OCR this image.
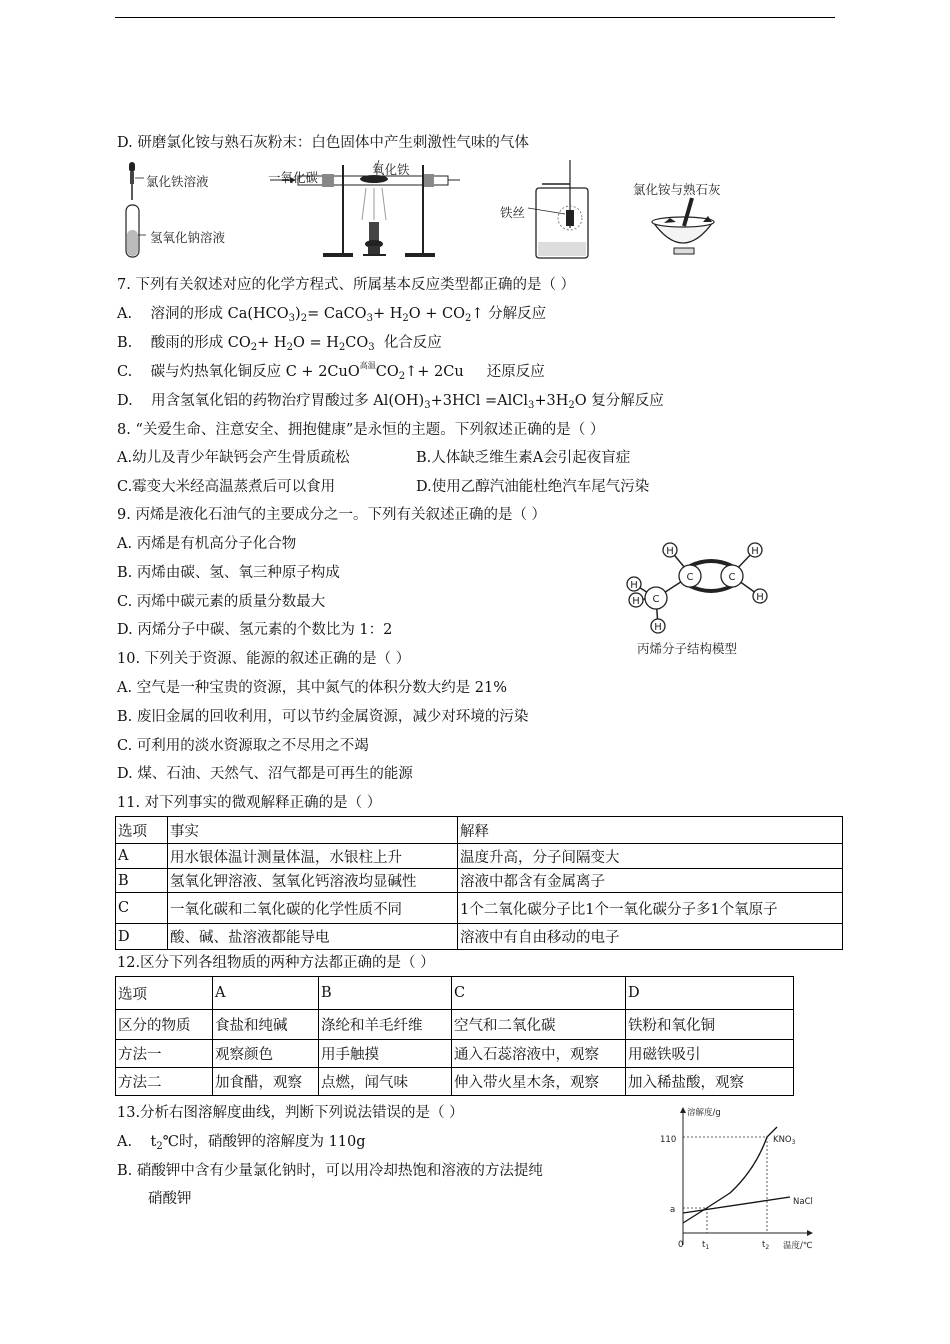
D. 研磨氯化铵与熟石灰粉末：白色固体中产生刺激性气味的气体
氯化铁溶液
氢氧化钠溶液
一氧化碳
氧化铁
铁丝
氯化铵与熟石灰
7. 下列有关叙述对应的化学方程式、所属基本反应类型都正确的是（ ）
A. 溶洞的形成 $Ca(HCO_3)_2=$ CaCO$_3$+ $H_2O$ + $CO_2↑$ 分解反应
B. 酸雨的形成 $CO_2+ H_2O = H_2CO_3$ 化合反应
C. 碳与灼热氧化铜反应 C + 2CuO高温$CO_2↑+ 2Cu$ 还原反应
D. 用含氢氧化铝的药物治疗胃酸过多 $Al(OH)_3+3HCl$ $=AlCl_3+3H_2O$ 复分解反应
8. “关爱生命、注意安全、拥抱健康”是永恒的主题。下列叙述正确的是（ ）
A.幼儿及青少年缺钙会产生骨质疏松	B.人体缺乏维生素A会引起夜盲症
C.霉变大米经高温蒸煮后可以食用	D.使用乙醇汽油能杜绝汽车尾气污染
9. 丙烯是液化石油气的主要成分之一。下列有关叙述正确的是（ ）
A. 丙烯是有机高分子化合物
B. 丙烯由碳、氢、氧三种原子构成
C. 丙烯中碳元素的质量分数最大
D. 丙烯分子中碳、氢元素的个数比为 1：2
H	H
H
H
H
H
C	C
C
丙烯分子结构模型
10. 下列关于资源、能源的叙述正确的是（ ）
A. 空气是一种宝贵的资源，其中氮气的体积分数大约是 21%
B. 废旧金属的回收利用，可以节约金属资源，减少对环境的污染
C. 可利用的淡水资源取之不尽用之不竭
D. 煤、石油、天然气、沼气都是可再生的能源
11. 对下列事实的微观解释正确的是（ ）
选项	事实	解释
A	用水银体温计测量体温，水银柱上升	温度升高，分子间隔变大
B	氢氧化钾溶液、氢氧化钙溶液均显碱性	溶液中都含有金属离子
C	一氧化碳和二氧化碳的化学性质不同	1个二氧化碳分子比1个一氧化碳分子多1个氧原子
D	酸、碱、盐溶液都能导电	溶液中有自由移动的电子
12.区分下列各组物质的两种方法都正确的是（ ）
选项	A	B	C	D
区分的物质	食盐和纯碱	涤纶和羊毛纤维	空气和二氧化碳	铁粉和氧化铜
方法一	观察颜色	用手触摸	通入石蕊溶液中，观察	用磁铁吸引
方法二	加食醋，观察	点燃，闻气味	伸入带火星木条，观察	加入稀盐酸，观察
13.分析右图溶解度曲线，判断下列说法错误的是（ ）
A. $t_2℃$时，硝酸钾的溶解度为 110g
B. 硝酸钾中含有少量氯化钠时，可以用冷却热饱和溶液的方法提纯
硝酸钾
溶解度/g
110
a
0 $t_1$	$t_2$ 温度/℃
$KNO_3$
NaCl
